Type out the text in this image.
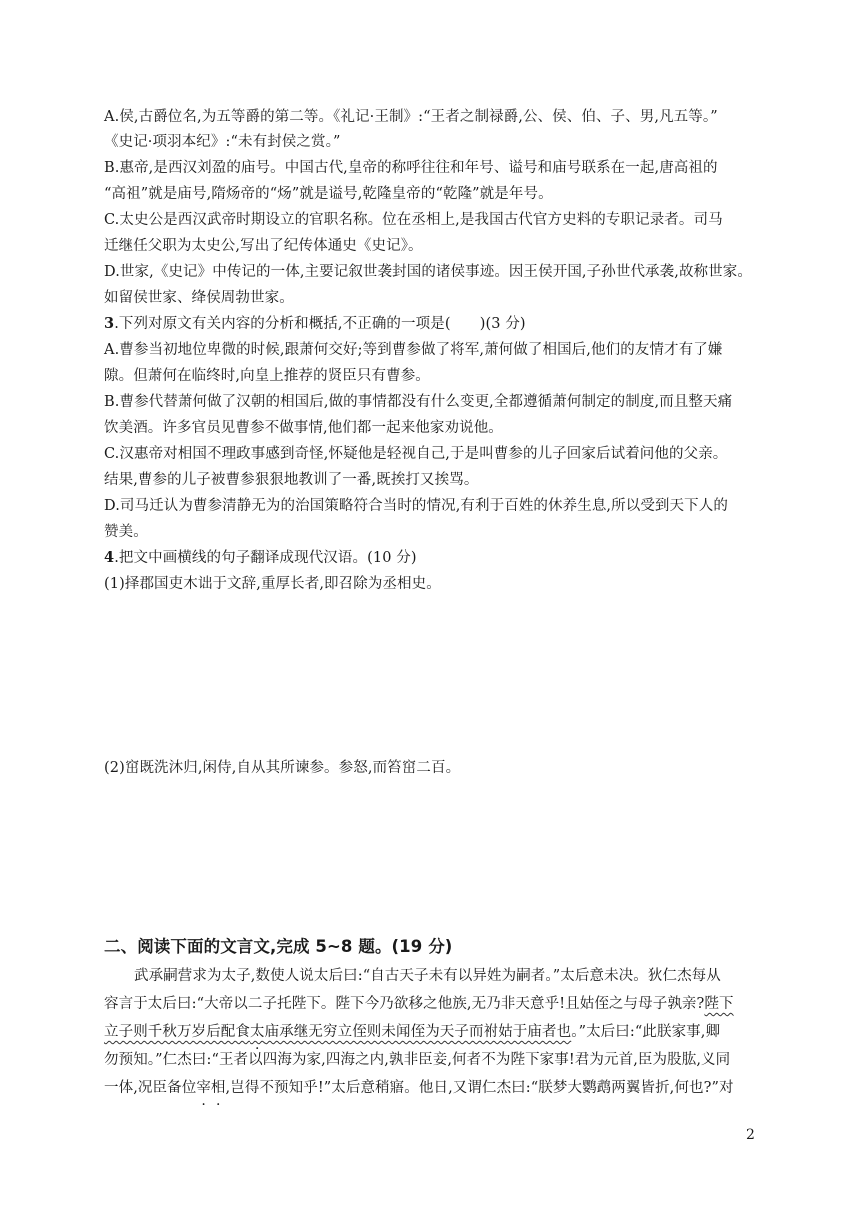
A.侯,古爵位名,为五等爵的第二等。《礼记·王制》:“王者之制禄爵,公、侯、伯、子、男,凡五等。”
《史记·项羽本纪》:“未有封侯之赏。”
B.惠帝,是西汉刘盈的庙号。中国古代,皇帝的称呼往往和年号、谥号和庙号联系在一起,唐高祖的
“高祖”就是庙号,隋炀帝的“炀”就是谥号,乾隆皇帝的“乾隆”就是年号。
C.太史公是西汉武帝时期设立的官职名称。位在丞相上,是我国古代官方史料的专职记录者。司马
迁继任父职为太史公,写出了纪传体通史《史记》。
D.世家,《史记》中传记的一体,主要记叙世袭封国的诸侯事迹。因王侯开国,子孙世代承袭,故称世家。
如留侯世家、绛侯周勃世家。
3.下列对原文有关内容的分析和概括,不正确的一项是(　　)(3 分)
A.曹参当初地位卑微的时候,跟萧何交好;等到曹参做了将军,萧何做了相国后,他们的友情才有了嫌
隙。但萧何在临终时,向皇上推荐的贤臣只有曹参。
B.曹参代替萧何做了汉朝的相国后,做的事情都没有什么变更,全都遵循萧何制定的制度,而且整天痛
饮美酒。许多官员见曹参不做事情,他们都一起来他家劝说他。
C.汉惠帝对相国不理政事感到奇怪,怀疑他是轻视自己,于是叫曹参的儿子回家后试着问他的父亲。
结果,曹参的儿子被曹参狠狠地教训了一番,既挨打又挨骂。
D.司马迁认为曹参清静无为的治国策略符合当时的情况,有利于百姓的休养生息,所以受到天下人的
赞美。
4.把文中画横线的句子翻译成现代汉语。(10 分)
(1)择郡国吏木诎于文辞,重厚长者,即召除为丞相史。
(2)窋既洗沐归,闲侍,自从其所谏参。参怒,而笞窋二百。
二、阅读下面的文言文,完成 5~8 题。(19 分)
武承嗣营求为太子,数使人说太后曰:“自古天子未有以异姓为嗣者。”太后意未决。狄仁杰每从
容言于太后曰:“大帝以二子托陛下。陛下今乃欲移之他族,无乃非天意乎!且姑侄之与母子孰亲?陛下
立子则千秋万岁后配食太庙承继无穷立侄则未闻侄为天子而祔姑于庙者也。”太后曰:“此朕家事,卿
勿预知。”仁杰曰:“王者以四海为家,四海之内,孰非臣妾,何者不为陛下家事!君为元首,臣为股肱,义同
一体,况臣备位宰相,岂得不预知乎!”太后意稍寤。他日,又谓仁杰曰:“朕梦大鹦鹉两翼皆折,何也?”对
2
